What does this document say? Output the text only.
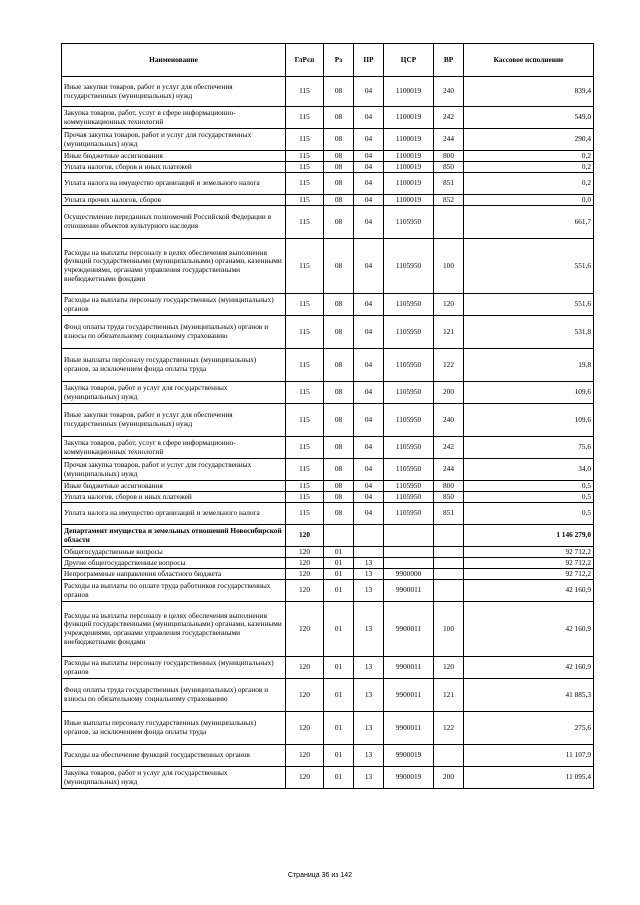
Наименование	ГлРсп	Рз	ПР	ЦСР	ВР	Кассовое исполнение
Иные закупки товаров, работ и услуг для обеспечения государственных (муниципальных) нужд	115	08	04	1100019	240	839,4
Закупка товаров, работ, услуг в сфере информационно-коммуникационных технологий	115	08	04	1100019	242	549,0
Прочая закупка товаров, работ и услуг для государственных (муниципальных) нужд	115	08	04	1100019	244	290,4
Иные бюджетные ассигнования	115	08	04	1100019	800	0,2
Уплата налогов, сборов и иных платежей	115	08	04	1100019	850	0,2
Уплата налога на имущество организаций и земельного налога	115	08	04	1100019	851	0,2
Уплата прочих налогов, сборов	115	08	04	1100019	852	0,0
Осуществление переданных полномочий Российской Федерации в отношении объектов культурного наследия	115	08	04	1105950		661,7
Расходы на выплаты персоналу в целях обеспечения выполнения функций государственными (муниципальными) органами, казенными учреждениями, органами управления государственными внебюджетными фондами	115	08	04	1105950	100	551,6
Расходы на выплаты персоналу государственных (муниципальных) органов	115	08	04	1105950	120	551,6
Фонд оплаты труда государственных (муниципальных) органов и взносы по обязательному социальному страхованию	115	08	04	1105950	121	531,8
Иные выплаты персоналу государственных (муниципальных) органов, за исключением фонда оплаты труда	115	08	04	1105950	122	19,8
Закупка товаров, работ и услуг для государственных (муниципальных) нужд	115	08	04	1105950	200	109,6
Иные закупки товаров, работ и услуг для обеспечения государственных (муниципальных) нужд	115	08	04	1105950	240	109,6
Закупка товаров, работ, услуг в сфере информационно-коммуникационных технологий	115	08	04	1105950	242	75,6
Прочая закупка товаров, работ и услуг для государственных (муниципальных) нужд	115	08	04	1105950	244	34,0
Иные бюджетные ассигнования	115	08	04	1105950	800	0,5
Уплата налогов, сборов и иных платежей	115	08	04	1105950	850	0,5
Уплата налога на имущество организаций и земельного налога	115	08	04	1105950	851	0,5
Департамент имущества и земельных отношений Новосибирской области	120					1 146 279,0
Общегосударственные вопросы	120	01				92 712,2
Другие общегосударственные вопросы	120	01	13			92 712,2
Непрограммные направления областного бюджета	120	01	13	9900000		92 712,2
Расходы на выплаты по оплате труда работников государственных органов	120	01	13	9900011		42 160,9
Расходы на выплаты персоналу в целях обеспечения выполнения функций государственными (муниципальными) органами, казенными учреждениями, органами управления государственными внебюджетными фондами	120	01	13	9900011	100	42 160,9
Расходы на выплаты персоналу государственных (муниципальных) органов	120	01	13	9900011	120	42 160,9
Фонд оплаты труда государственных (муниципальных) органов и взносы по обязательному социальному страхованию	120	01	13	9900011	121	41 885,3
Иные выплаты персоналу государственных (муниципальных) органов, за исключением фонда оплаты труда	120	01	13	9900011	122	275,6
Расходы на обеспечение функций государственных органов	120	01	13	9900019		11 107,9
Закупка товаров, работ и услуг для государственных (муниципальных) нужд	120	01	13	9900019	200	11 095,4
Страница 36 из 142
